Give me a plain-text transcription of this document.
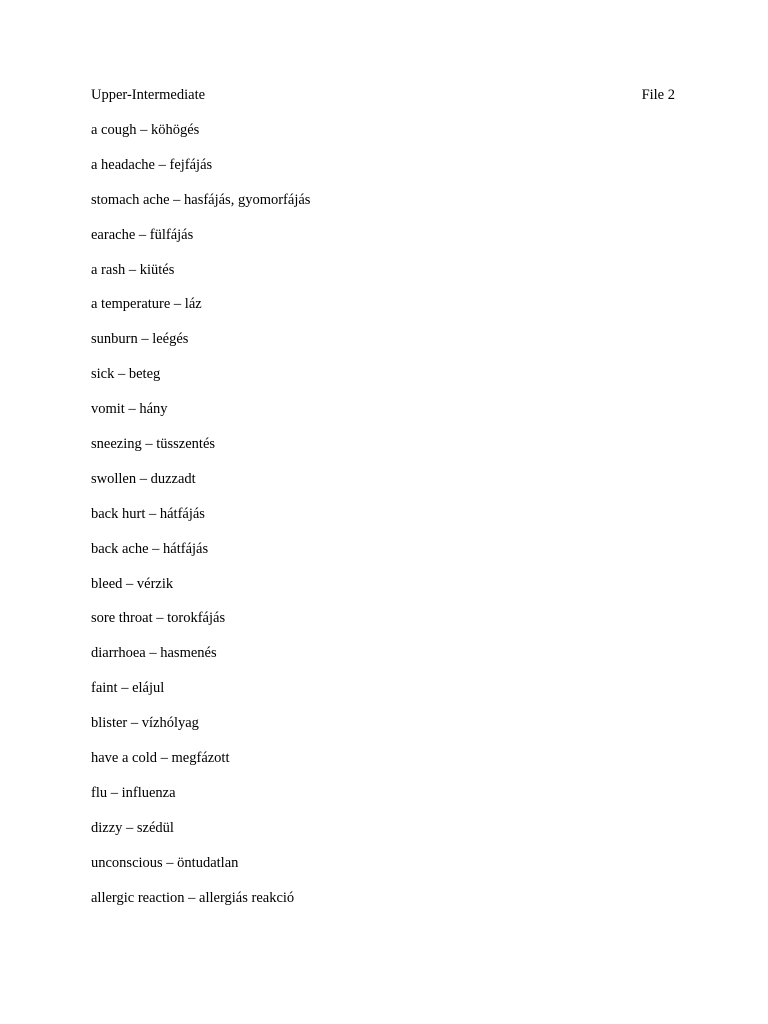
Upper-Intermediate	File 2
a cough – köhögés
a headache – fejfájás
stomach ache – hasfájás, gyomorfájás
earache – fülfájás
a rash – kiütés
a temperature – láz
sunburn – leégés
sick – beteg
vomit – hány
sneezing – tüsszentés
swollen – duzzadt
back hurt – hátfájás
back ache – hátfájás
bleed – vérzik
sore throat – torokfájás
diarrhoea – hasmenés
faint – elájul
blister – vízhólyag
have a cold – megfázott
flu – influenza
dizzy – szédül
unconscious – öntudatlan
allergic reaction – allergiás reakció
